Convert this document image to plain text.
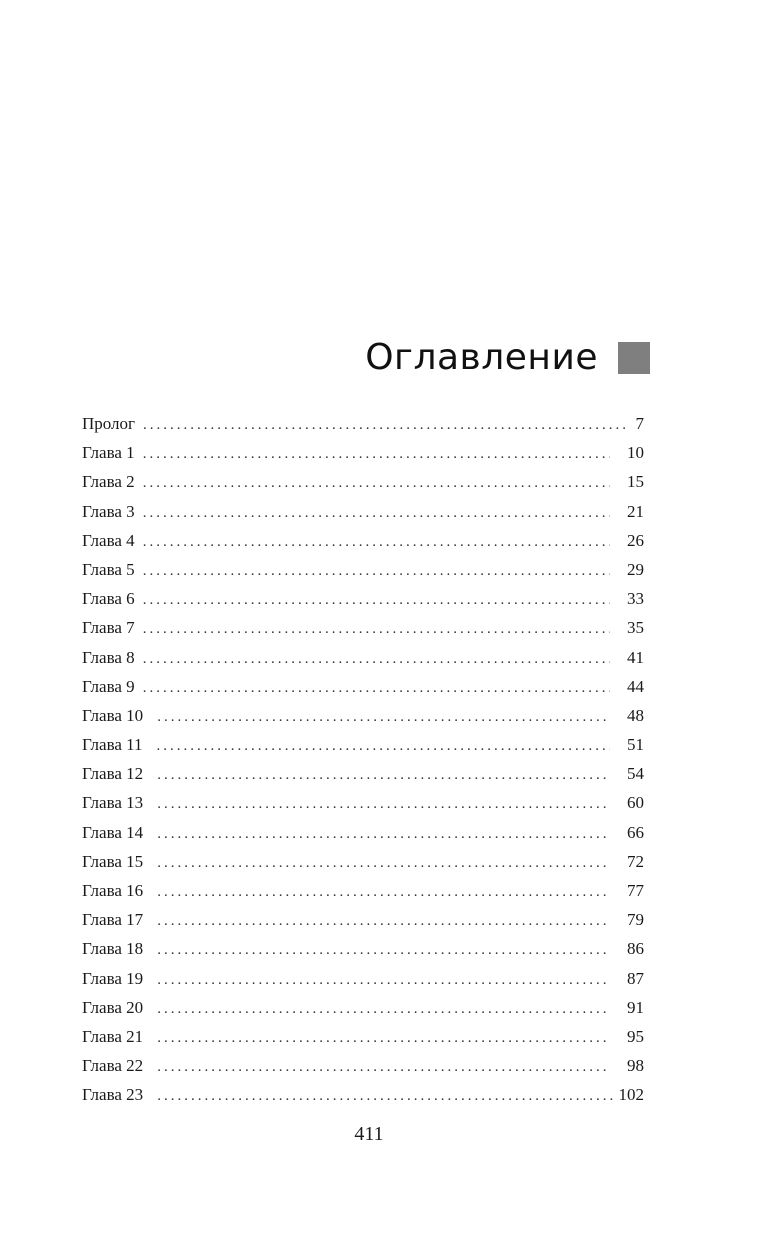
Оглавление
Пролог .....	7
Глава 1 .....	10
Глава 2 .....	15
Глава 3 .....	21
Глава 4 .....	26
Глава 5 .....	29
Глава 6 .....	33
Глава 7 .....	35
Глава 8 .....	41
Глава 9 .....	44
Глава 10 .....	48
Глава 11 .....	51
Глава 12 .....	54
Глава 13 .....	60
Глава 14 .....	66
Глава 15 .....	72
Глава 16 .....	77
Глава 17 .....	79
Глава 18 .....	86
Глава 19 .....	87
Глава 20 .....	91
Глава 21 .....	95
Глава 22 .....	98
Глава 23 .....	102
411
